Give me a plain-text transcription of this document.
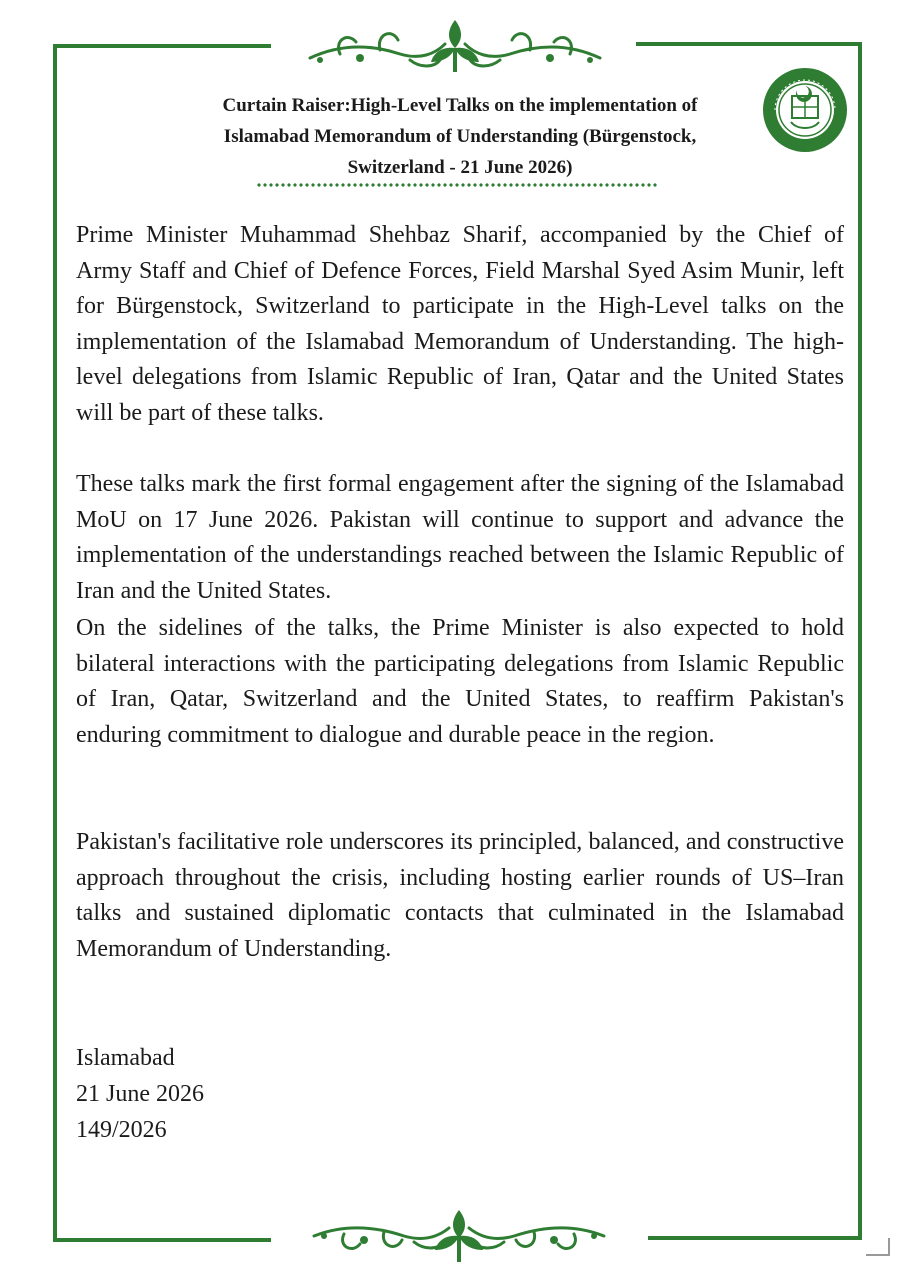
Curtain Raiser:High-Level Talks on the implementation of
Islamabad Memorandum of Understanding (Bürgenstock,
Switzerland - 21 June 2026)
Prime Minister Muhammad Shehbaz Sharif, accompanied by the Chief of Army Staff and Chief of Defence Forces, Field Marshal Syed Asim Munir, left for Bürgenstock, Switzerland to participate in the High-Level talks on the implementation of the Islamabad Memorandum of Understanding. The high-level delegations from Islamic Republic of Iran, Qatar and the United States will be part of these talks.
These talks mark the first formal engagement after the signing of the Islamabad MoU on 17 June 2026. Pakistan will continue to support and advance the implementation of the understandings reached between the Islamic Republic of Iran and the United States.
On the sidelines of the talks, the Prime Minister is also expected to hold bilateral interactions with the participating delegations from Islamic Republic of Iran, Qatar, Switzerland and the United States, to reaffirm Pakistan's enduring commitment to dialogue and durable peace in the region.
Pakistan's facilitative role underscores its principled, balanced, and constructive approach throughout the crisis, including hosting earlier rounds of US–Iran talks and sustained diplomatic contacts that culminated in the Islamabad Memorandum of Understanding.
Islamabad
21 June 2026
149/2026
